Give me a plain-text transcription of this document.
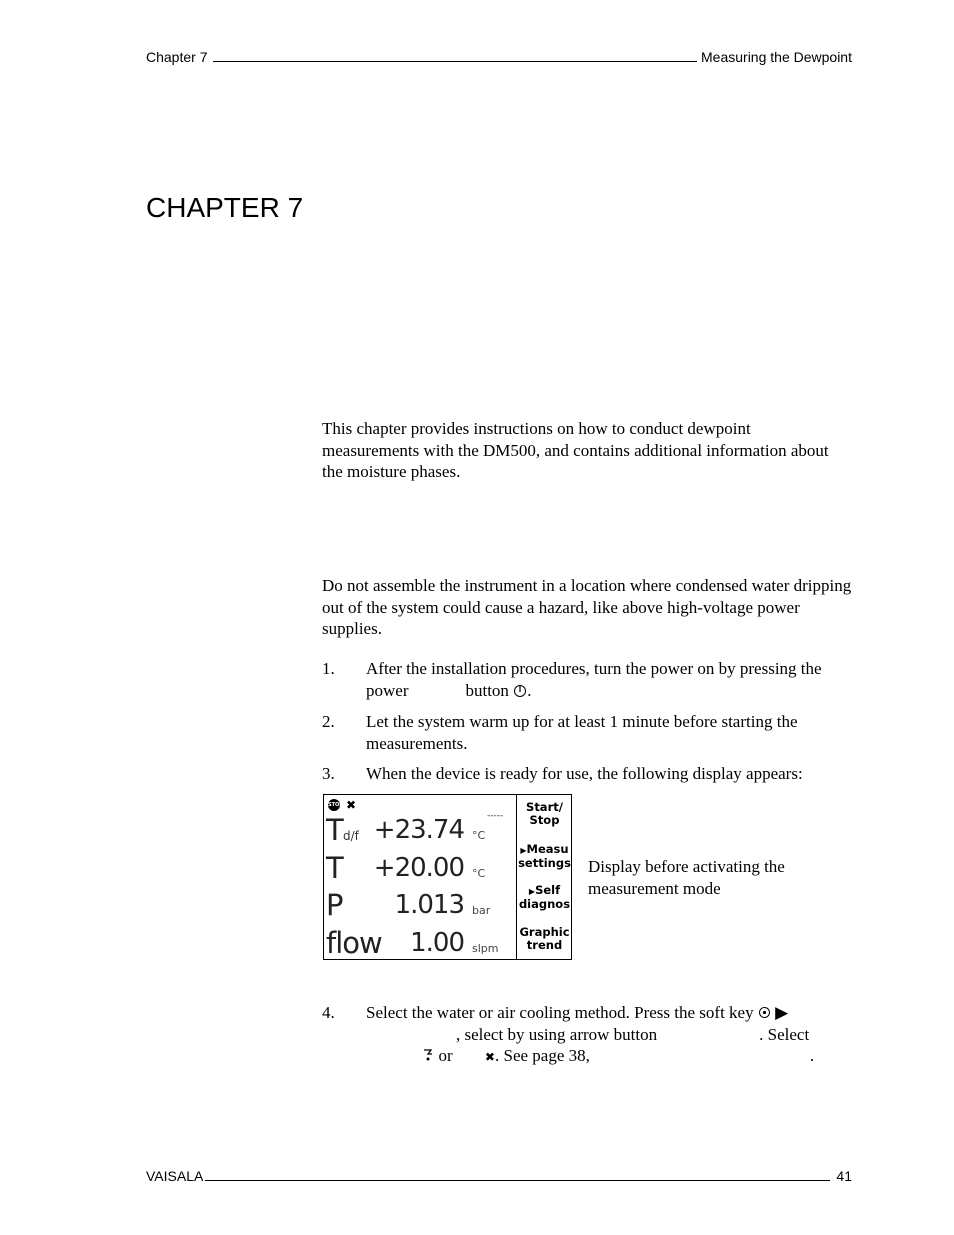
Chapter 7	Measuring the Dewpoint
CHAPTER 7

This chapter provides instructions on how to conduct dewpoint measurements with the DM500, and contains additional information about the moisture phases.

Do not assemble the instrument in a location where condensed water dripping out of the system could cause a hazard, like above high-voltage power supplies.

1. After the installation procedures, turn the power on by pressing the power	button .
2. Let the system warm up for at least 1 minute before starting the measurements.
3. When the device is ready for use, the following display appears:
STOP ✖
-----
T d/f +23.74 °C
T +20.00 °C
P 1.013 bar
flow 1.00 slpm
Start/
Stop
▶Measu
settings
▶Self
diagnos
Graphic
trend

Display before activating the measurement mode

4. Select the water or air cooling method. Press the soft key ▶
, select by using arrow button	. Select
or	✖. See page 38,	.
VAISALA	41
